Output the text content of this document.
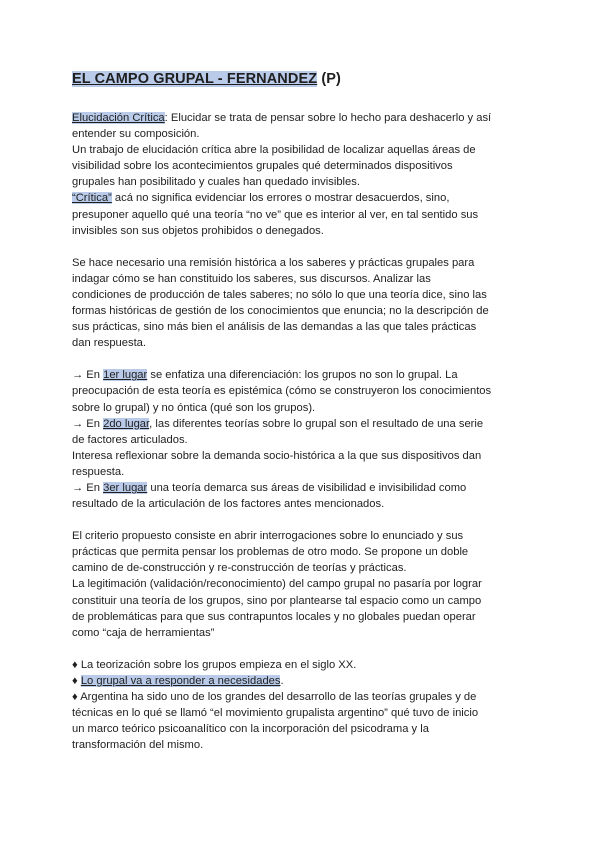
EL CAMPO GRUPAL - FERNANDEZ (P)

Elucidación Crítica: Elucidar se trata de pensar sobre lo hecho para deshacerlo y así

entender su composición.

Un trabajo de elucidación crítica abre la posibilidad de localizar aquellas áreas de

visibilidad sobre los acontecimientos grupales qué determinados dispositivos

grupales han posibilitado y cuales han quedado invisibles.

“Crítica” acá no significa evidenciar los errores o mostrar desacuerdos, sino,

presuponer aquello qué una teoría “no ve” que es interior al ver, en tal sentido sus

invisibles son sus objetos prohibidos o denegados.

Se hace necesario una remisión histórica a los saberes y prácticas grupales para

indagar cómo se han constituido los saberes, sus discursos. Analizar las

condiciones de producción de tales saberes; no sólo lo que una teoría dice, sino las

formas históricas de gestión de los conocimientos que enuncia; no la descripción de

sus prácticas, sino más bien el análisis de las demandas a las que tales prácticas

dan respuesta.

→ En 1er lugar se enfatiza una diferenciación: los grupos no son lo grupal. La

preocupación de esta teoría es epistémica (cómo se construyeron los conocimientos

sobre lo grupal) y no óntica (qué son los grupos).

→ En 2do lugar, las diferentes teorías sobre lo grupal son el resultado de una serie

de factores articulados.

Interesa reflexionar sobre la demanda socio-histórica a la que sus dispositivos dan

respuesta.

→ En 3er lugar una teoría demarca sus áreas de visibilidad e invisibilidad como

resultado de la articulación de los factores antes mencionados.

El criterio propuesto consiste en abrir interrogaciones sobre lo enunciado y sus

prácticas que permita pensar los problemas de otro modo. Se propone un doble

camino de de-construcción y re-construcción de teorías y prácticas.

La legitimación (validación/reconocimiento) del campo grupal no pasaría por lograr

constituir una teoría de los grupos, sino por plantearse tal espacio como un campo

de problemáticas para que sus contrapuntos locales y no globales puedan operar

como “caja de herramientas”

♦ La teorización sobre los grupos empieza en el siglo XX.

♦ Lo grupal va a responder a necesidades.

♦ Argentina ha sido uno de los grandes del desarrollo de las teorías grupales y de

técnicas en lo qué se llamó “el movimiento grupalista argentino” qué tuvo de inicio

un marco teórico psicoanalítico con la incorporación del psicodrama y la

transformación del mismo.
